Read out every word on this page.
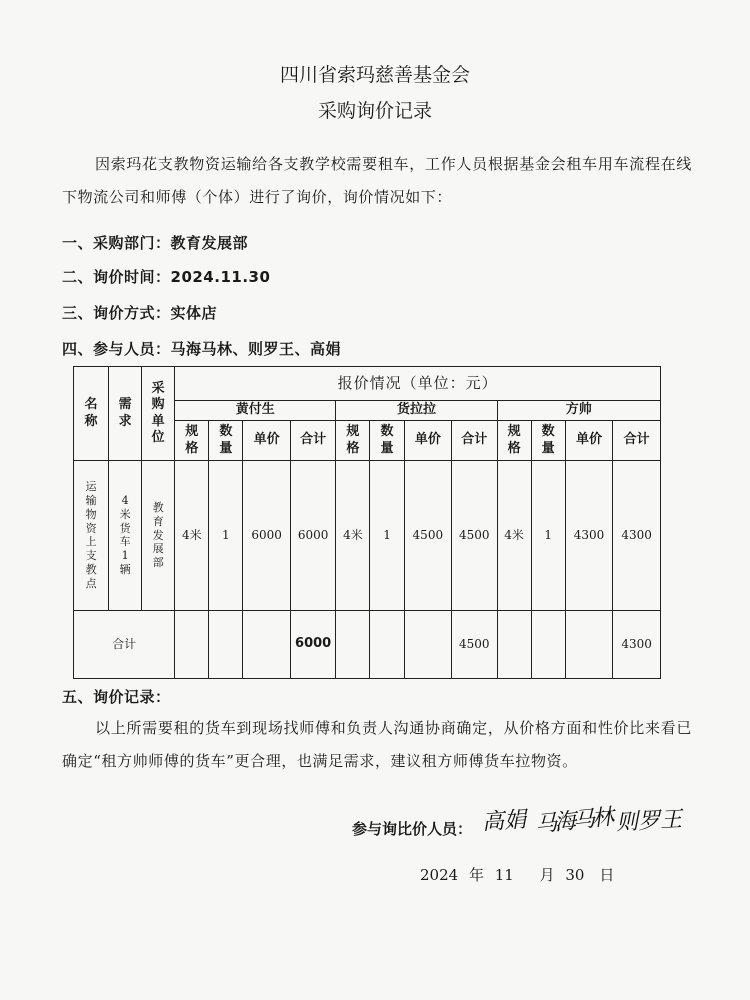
四川省索玛慈善基金会
采购询价记录
因索玛花支教物资运输给各支教学校需要租车，工作人员根据基金会租车用车流程在线下物流公司和师傅（个体）进行了询价，询价情况如下：
一、采购部门：教育发展部
二、询价时间：2024.11.30
三、询价方式：实体店
四、参与人员：马海马林、则罗王、高娟
名称	需求	采购单位	报价情况（单位：元）											
			黄付生				货拉拉				方帅			
			规格	数量	单价	合计	规格	数量	单价	合计	规格	数量	单价	合计
运输物资上支教点	4米货车1辆	教育发展部	4米	1	6000	6000	4米	1	4500	4500	4米	1	4300	4300
合计						6000				4500				4300
五、询价记录：
以上所需要租的货车到现场找师傅和负责人沟通协商确定，从价格方面和性价比来看已确定“租方帅师傅的货车”更合理，也满足需求，建议租方师傅货车拉物资。
参与询比价人员： 高娟 马海马林 则罗王
2024 年 11　 月 30　日
